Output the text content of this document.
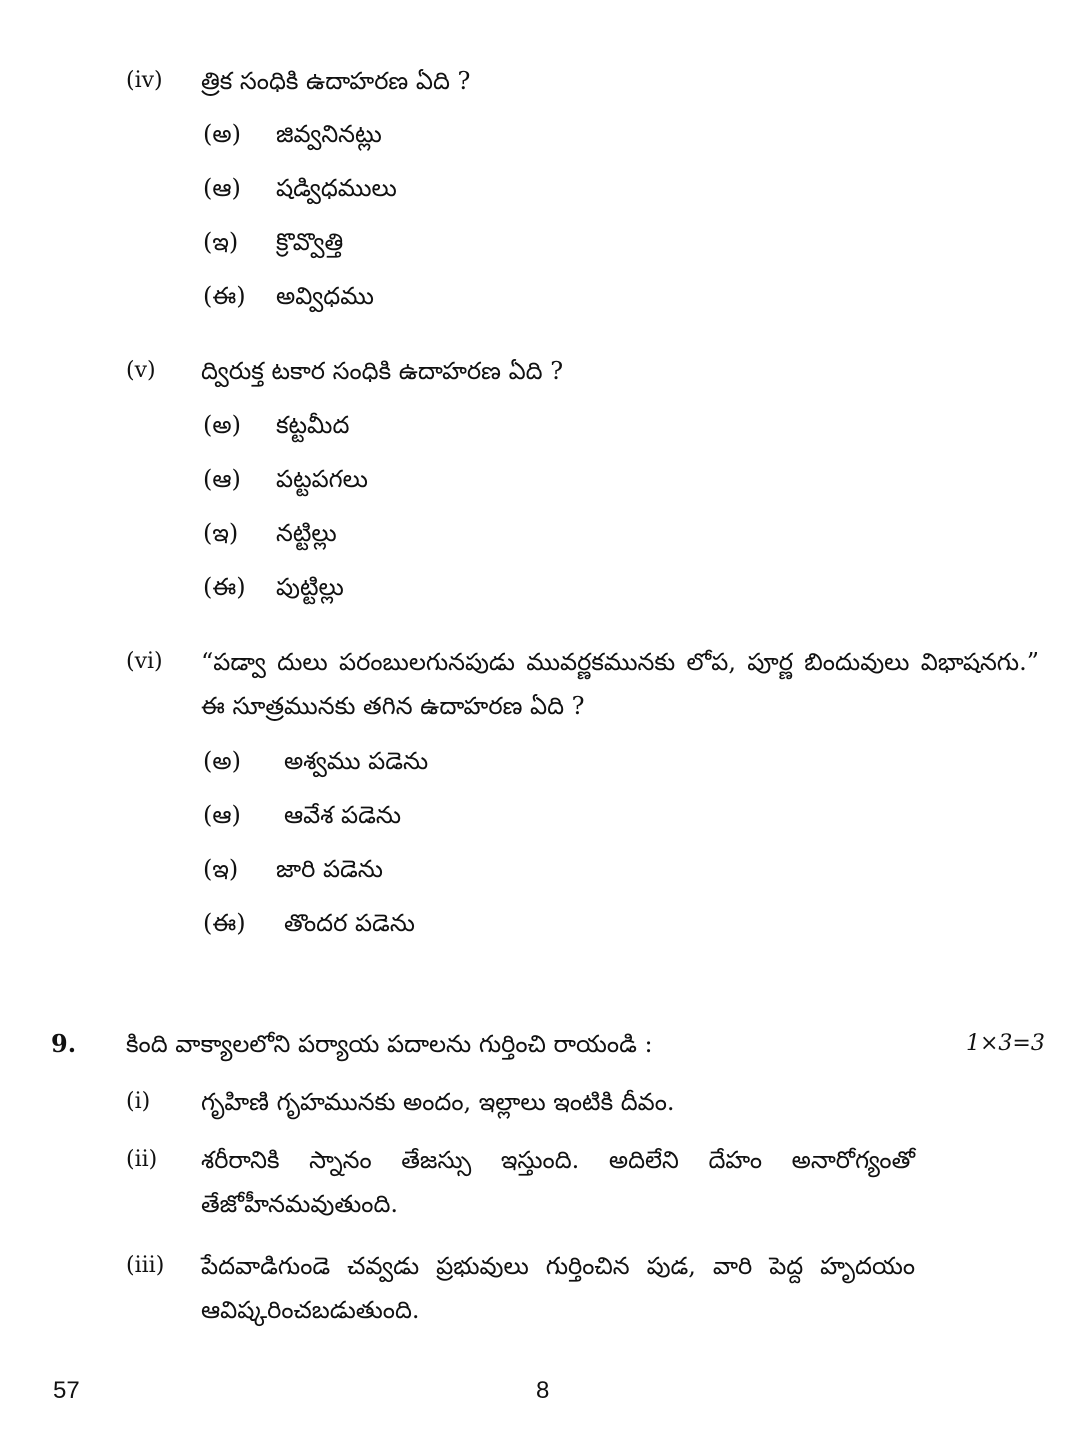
(iv) త్రిక సంధికి ఉదాహరణ ఏది ?
(అ) జివ్వనినట్లు
(ఆ) షడ్విధములు
(ఇ) క్రొవ్వొత్తి
(ఈ) అవ్విధము
(v) ద్విరుక్త టకార సంధికి ఉదాహరణ ఏది ?
(అ) కట్టమీద
(ఆ) పట్టపగలు
(ఇ) నట్టిల్లు
(ఈ) పుట్టిల్లు
(vi) “పడ్వా దులు పరంబులగునపుడు మువర్ణకమునకు లోప, పూర్ణ బిందువులు విభాషనగు.” ఈ సూత్రమునకు తగిన ఉదాహరణ ఏది ?
(అ) అశ్వము పడెను
(ఆ) ఆవేశ పడెను
(ఇ) జారి పడెను
(ఈ) తొందర పడెను
9. కింది వాక్యాలలోని పర్యాయ పదాలను గుర్తించి రాయండి :	1×3=3
(i) గృహిణి గృహమునకు అందం, ఇల్లాలు ఇంటికి దీవం.
(ii) శరీరానికి స్నానం తేజస్సు ఇస్తుంది. అదిలేని దేహం అనారోగ్యంతో తేజోహీనమవుతుంది.
(iii) పేదవాడిగుండె చవ్వడు ప్రభువులు గుర్తించిన పుడ, వారి పెద్ద హృదయం ఆవిష్కరించబడుతుంది.
57	8
